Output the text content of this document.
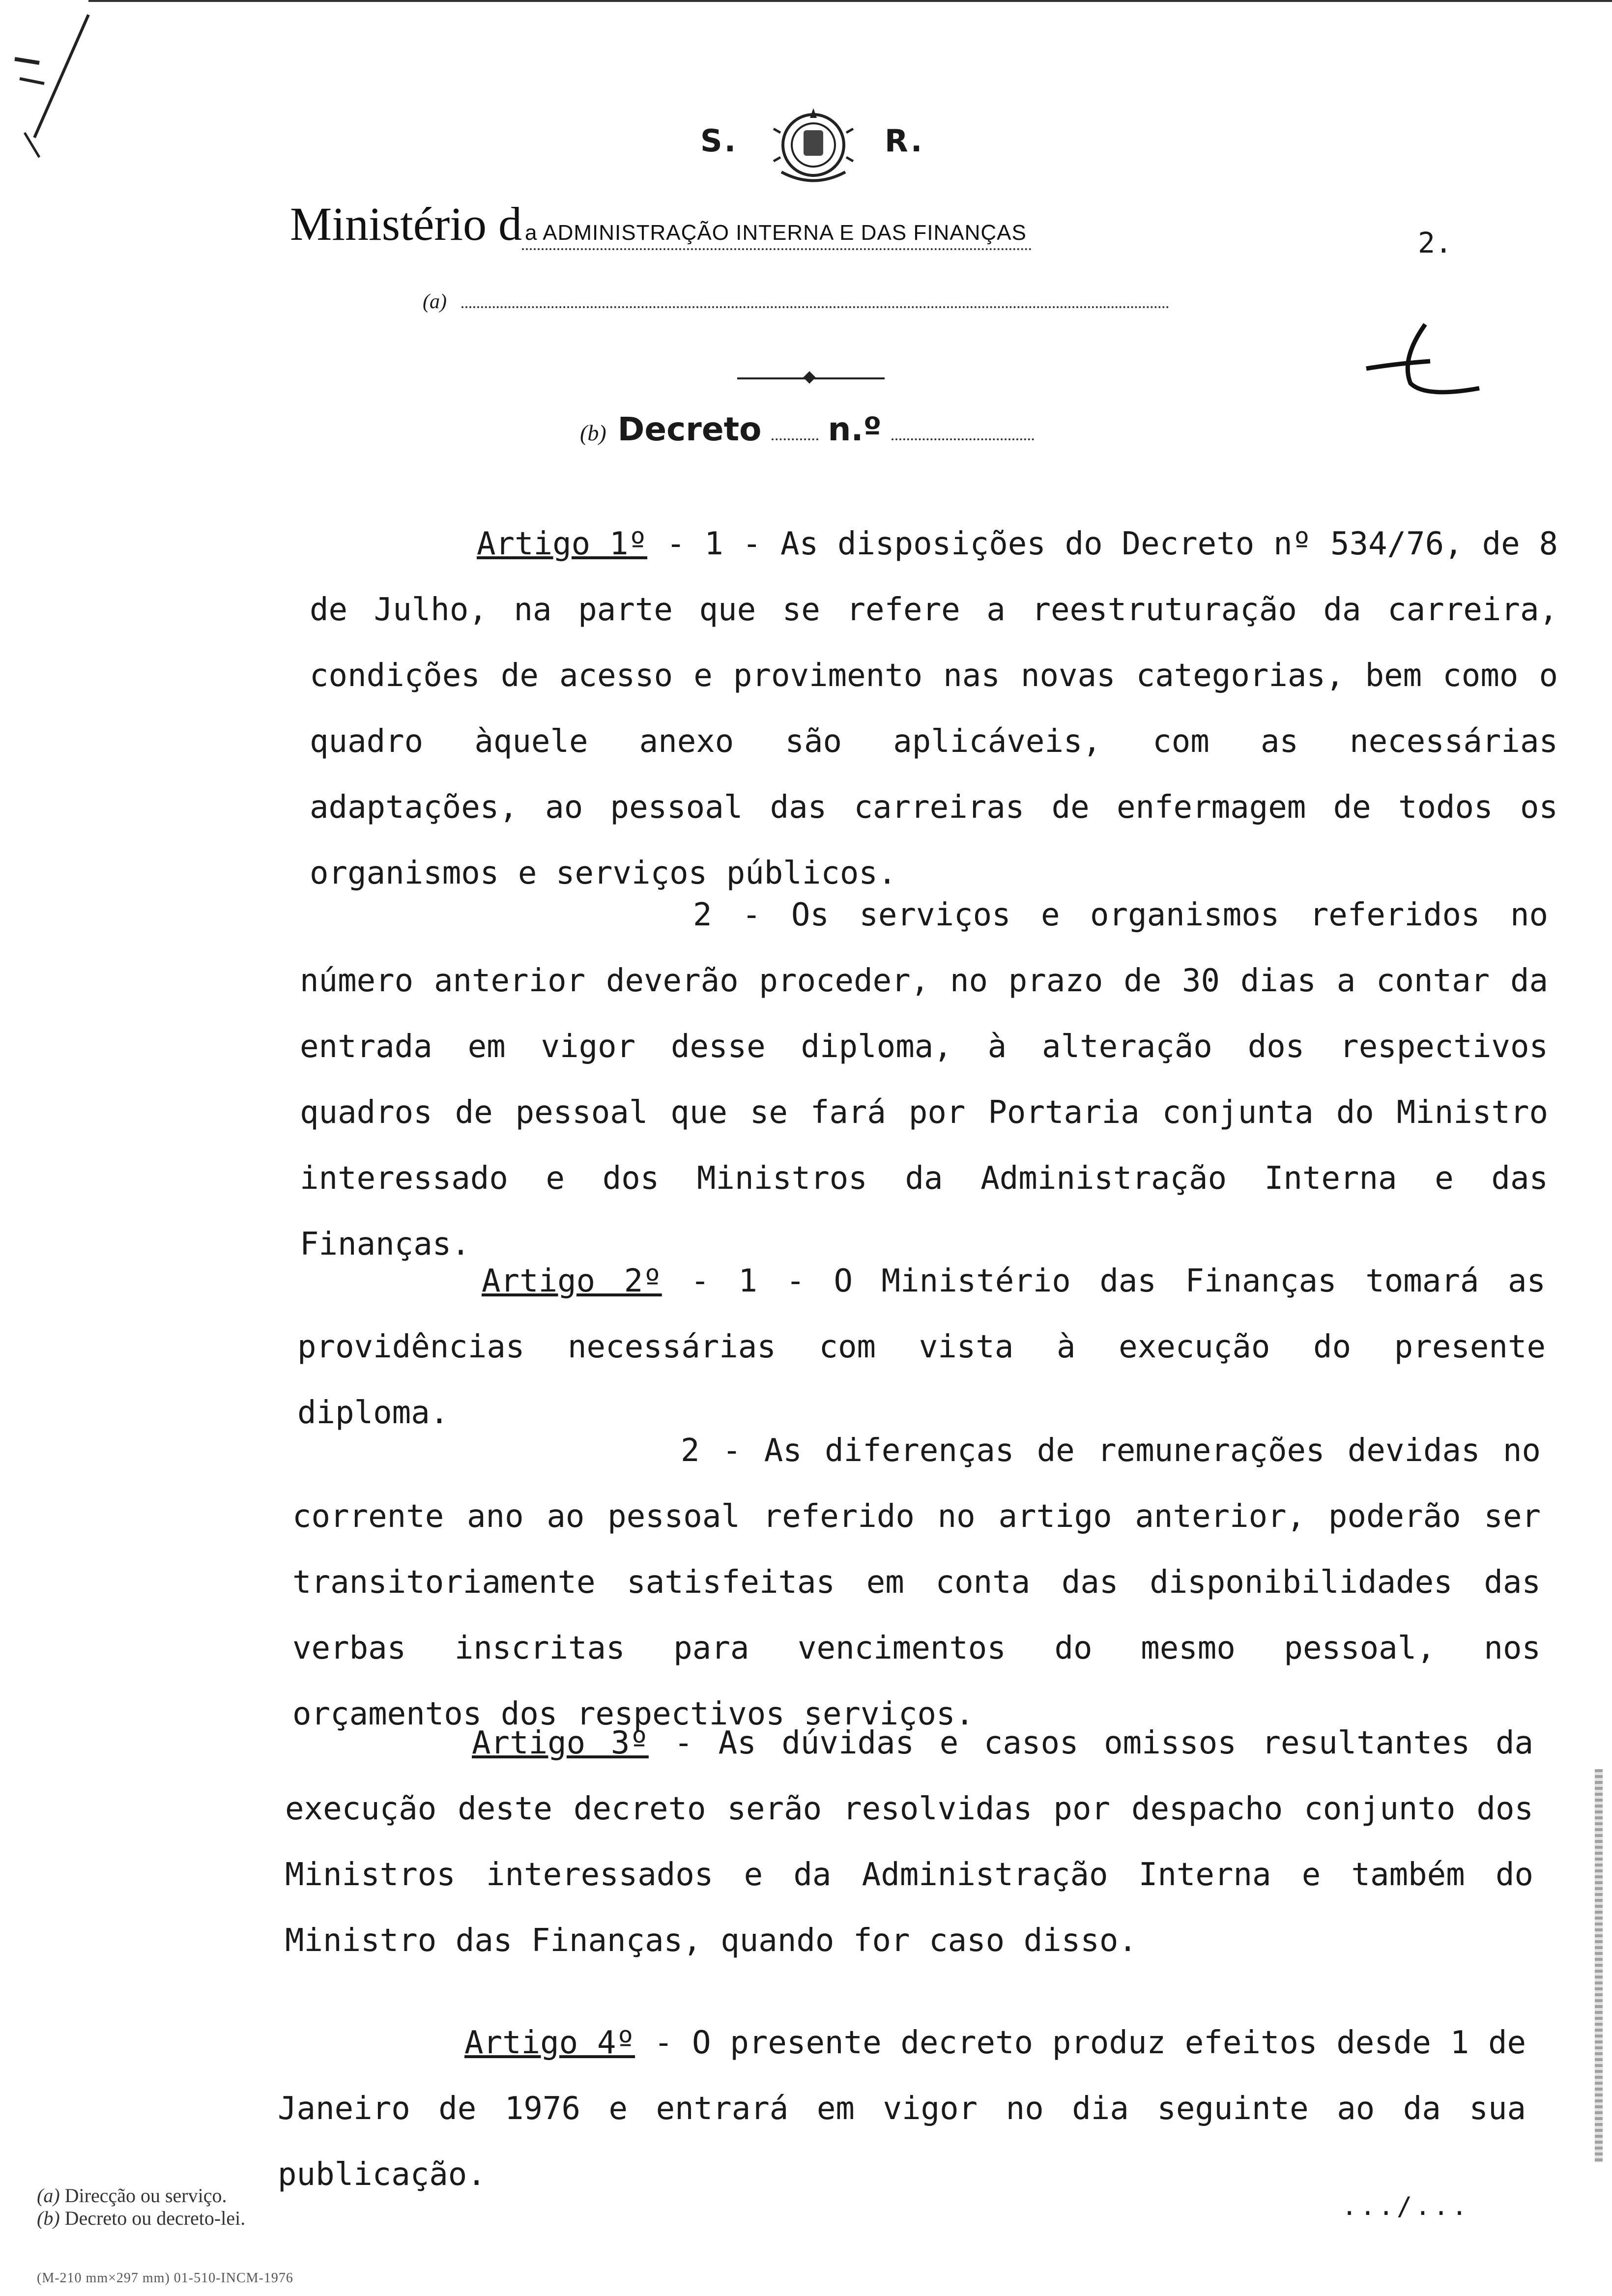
S.	R.
Ministério d a ADMINISTRAÇÃO INTERNA E DAS FINANÇAS	2.
(a)
(b) Decreto n.º
Artigo 1º - 1 - As disposições do Decreto nº 534/76, de 8 de Julho, na parte que se refere a reestruturação da carreira, condições de acesso e provimento nas novas categorias, bem como o quadro àquele anexo são aplicáveis, com as necessárias adaptações, ao pessoal das carreiras de enfermagem de todos os organismos e serviços públicos.
2 - Os serviços e organismos referidos no número anterior deverão proceder, no prazo de 30 dias a contar da entrada em vigor desse diploma, à alteração dos respectivos quadros de pessoal que se fará por Portaria conjunta do Ministro interessado e dos Ministros da Administração Interna e das Finanças.
Artigo 2º - 1 - O Ministério das Finanças tomará as providências necessárias com vista à execução do presente diploma.
2 - As diferenças de remunerações devidas no corrente ano ao pessoal referido no artigo anterior, poderão ser transitoriamente satisfeitas em conta das disponibilidades das verbas inscritas para vencimentos do mesmo pessoal, nos orçamentos dos respectivos serviços.
Artigo 3º - As dúvidas e casos omissos resultantes da execução deste decreto serão resolvidas por despacho conjunto dos Ministros interessados e da Administração Interna e também do Ministro das Finanças, quando for caso disso.
Artigo 4º - O presente decreto produz efeitos desde 1 de Janeiro de 1976 e entrará em vigor no dia seguinte ao da sua publicação.
(a) Direcção ou serviço.
(b) Decreto ou decreto-lei.	.../...
(M-210 mm×297 mm) 01-510-INCM-1976
